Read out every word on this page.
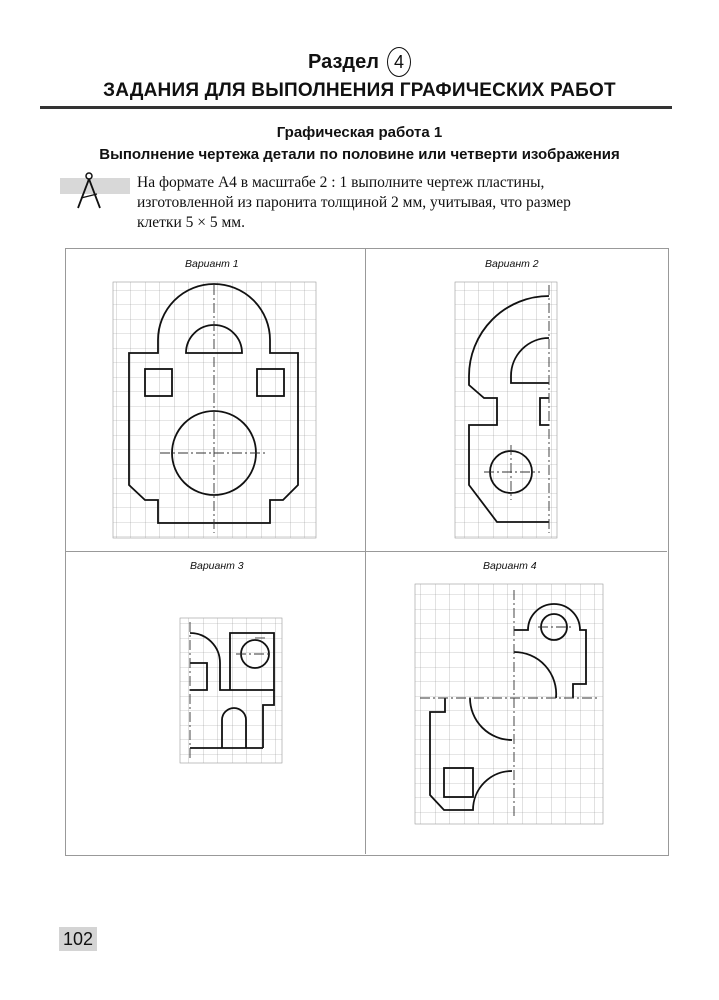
Раздел 4
ЗАДАНИЯ ДЛЯ ВЫПОЛНЕНИЯ ГРАФИЧЕСКИХ РАБОТ
Графическая работа 1
Выполнение чертежа детали по половине или четверти изображения
На формате А4 в масштабе 2 : 1 выполните чертеж пластины, изготовленной из паронита толщиной 2 мм, учитывая, что размер клетки 5 × 5 мм.
Вариант 1	Вариант 2
Вариант 3	Вариант 4
102
